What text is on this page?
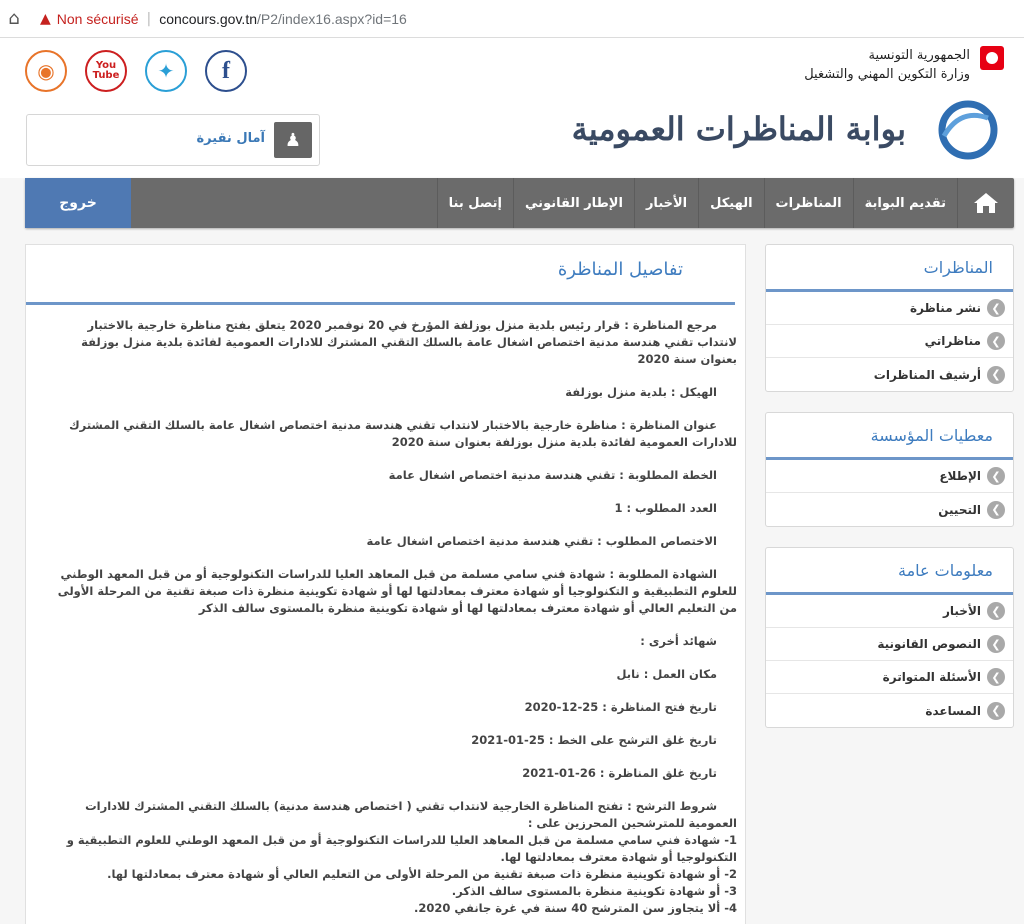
⌂	▲ Non sécurisé | concours.gov.tn/P2/index16.aspx?id=16
◉	You
Tube	✦	f
الجمهورية التونسية
وزارة التكوين المهني والتشغيل
آمال نقيرة	♟	بوابة المناظرات العمومية
خروج	تقديم البوابة
المناظرات
الهيكل
الأخبار
الإطار القانوني
إتصل بنا
تفاصيل المناظرة

مرجع المناظرة : قرار رئيس بلدية منزل بوزلفة المؤرخ في 20 نوفمبر 2020 يتعلق بفتح مناظرة خارجية بالاختبار لانتداب تقني هندسة مدنية اختصاص اشغال عامة بالسلك التقني المشترك للادارات العمومية لفائدة بلدية منزل بوزلفة بعنوان سنة 2020

الهيكل : بلدية منزل بوزلفة

عنوان المناظرة : مناظرة خارجية بالاختبار لانتداب تقني هندسة مدنية اختصاص اشغال عامة بالسلك التقني المشترك للادارات العمومية لفائدة بلدية منزل بوزلفة بعنوان سنة 2020

الخطة المطلوبة : تقني هندسة مدنية اختصاص اشغال عامة

العدد المطلوب : 1

الاختصاص المطلوب : تقني هندسة مدنية اختصاص اشغال عامة

الشهادة المطلوبة : شهادة فني سامي مسلمة من قبل المعاهد العليا للدراسات التكنولوجية أو من قبل المعهد الوطني للعلوم التطبيقية و التكنولوجيا أو شهادة معترف بمعادلتها لها أو شهادة تكوينية منظرة ذات صبغة تقنية من المرحلة الأولى من التعليم العالي أو شهادة معترف بمعادلتها لها أو شهادة تكوينية منظرة بالمستوى سالف الذكر

شهائد أخرى :

مكان العمل : نابل

تاريخ فتح المناظرة : 25-12-2020

تاريخ غلق الترشح على الخط : 25-01-2021

تاريخ غلق المناظرة : 26-01-2021

شروط الترشح : تفتح المناظرة الخارجية لانتداب تقني ( اختصاص هندسة مدنية) بالسلك التقني المشترك للادارات العمومية للمترشحين المحرزين على :
1- شهادة فني سامي مسلمة من قبل المعاهد العليا للدراسات التكنولوجية أو من قبل المعهد الوطني للعلوم التطبيقية و التكنولوجيا أو شهادة معترف بمعادلتها لها.
2- أو شهادة تكوينية منظرة ذات صبغة تقنية من المرحلة الأولى من التعليم العالي أو شهادة معترف بمعادلتها لها.
3- أو شهادة تكوينية منظرة بالمستوى سالف الذكر.
4- ألا يتجاوز سن المترشح 40 سنة في غرة جانفي 2020.
المناظرات
❮
نشر مناظرة
❮
مناظراتي
❮
أرشيف المناظرات
معطيات المؤسسة
❮
الإطلاع
❮
التحيين
معلومات عامة
❮
الأخبار
❮
النصوص القانونية
❮
الأسئلة المتواترة
❮
المساعدة
